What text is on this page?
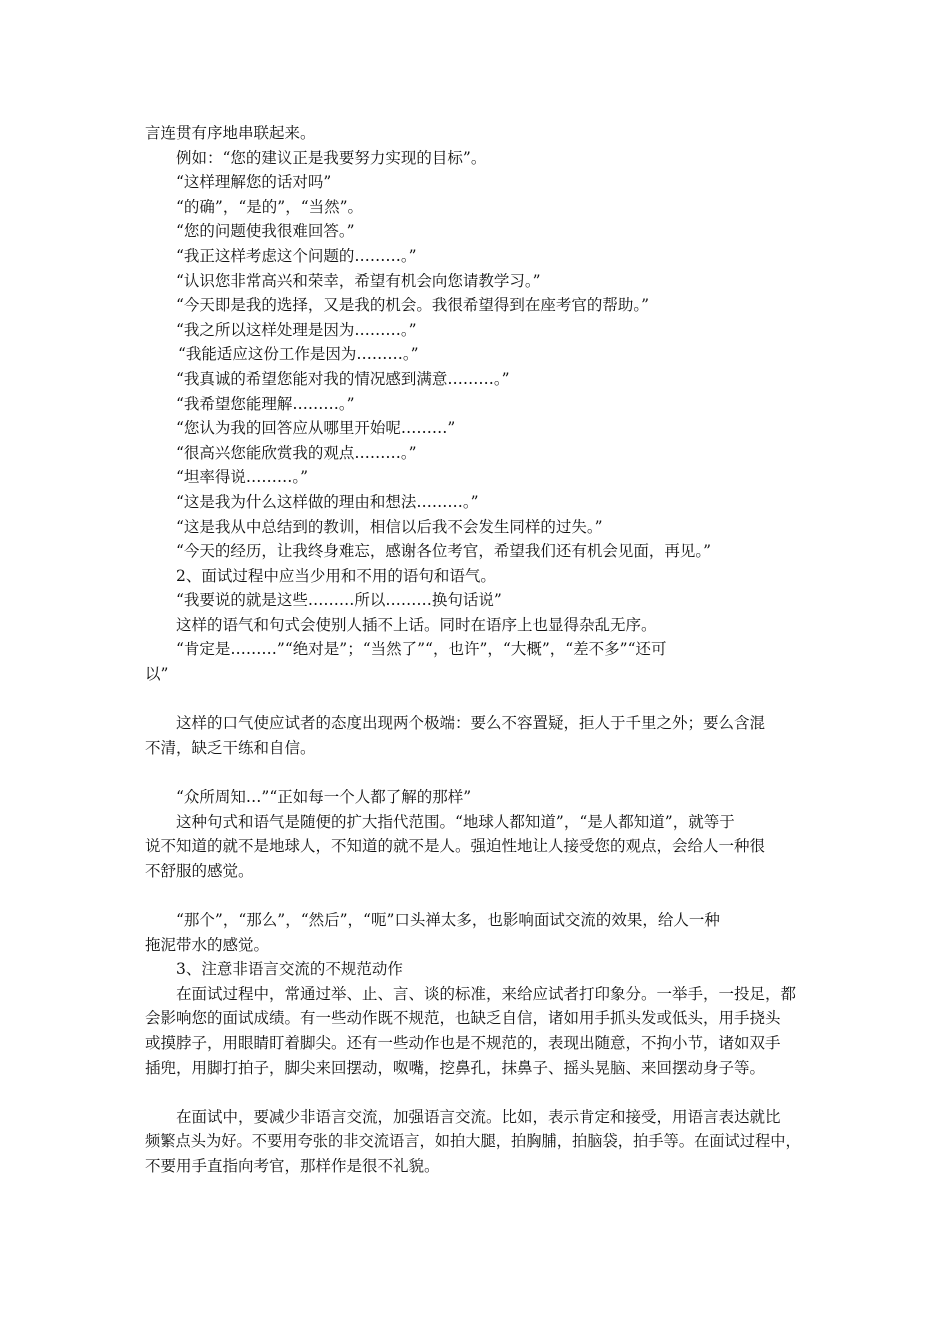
言连贯有序地串联起来。
例如：“您的建议正是我要努力实现的目标”。
“这样理解您的话对吗”
“的确”，“是的”，“当然”。
“您的问题使我很难回答。”
“我正这样考虑这个问题的………。”
“认识您非常高兴和荣幸，希望有机会向您请教学习。”
“今天即是我的选择，又是我的机会。我很希望得到在座考官的帮助。”
“我之所以这样处理是因为………。”
“我能适应这份工作是因为………。”
“我真诚的希望您能对我的情况感到满意………。”
“我希望您能理解………。”
“您认为我的回答应从哪里开始呢………”
“很高兴您能欣赏我的观点………。”
“坦率得说………。”
“这是我为什么这样做的理由和想法………。”
“这是我从中总结到的教训，相信以后我不会发生同样的过失。”
“今天的经历，让我终身难忘，感谢各位考官，希望我们还有机会见面，再见。”
2、面试过程中应当少用和不用的语句和语气。
“我要说的就是这些………所以………换句话说”
这样的语气和句式会使别人插不上话。同时在语序上也显得杂乱无序。
“肯定是………”“绝对是”；“当然了”“，也许”，“大概”，“差不多”“还可
以”
这样的口气使应试者的态度出现两个极端：要么不容置疑，拒人于千里之外；要么含混
不清，缺乏干练和自信。
“众所周知…”“正如每一个人都了解的那样”
这种句式和语气是随便的扩大指代范围。“地球人都知道”，“是人都知道”，就等于
说不知道的就不是地球人，不知道的就不是人。强迫性地让人接受您的观点，会给人一种很
不舒服的感觉。
“那个”，“那么”，“然后”，“呃”口头禅太多，也影响面试交流的效果，给人一种
拖泥带水的感觉。
3、注意非语言交流的不规范动作
在面试过程中，常通过举、止、言、谈的标准，来给应试者打印象分。一举手，一投足，都
会影响您的面试成绩。有一些动作既不规范，也缺乏自信，诸如用手抓头发或低头，用手挠头
或摸脖子，用眼睛盯着脚尖。还有一些动作也是不规范的，表现出随意，不拘小节，诸如双手
插兜，用脚打拍子，脚尖来回摆动，呶嘴，挖鼻孔，抹鼻子、摇头晃脑、来回摆动身子等。
在面试中，要减少非语言交流，加强语言交流。比如，表示肯定和接受，用语言表达就比
频繁点头为好。不要用夸张的非交流语言，如拍大腿，拍胸脯，拍脑袋，拍手等。在面试过程中，
不要用手直指向考官，那样作是很不礼貌。
